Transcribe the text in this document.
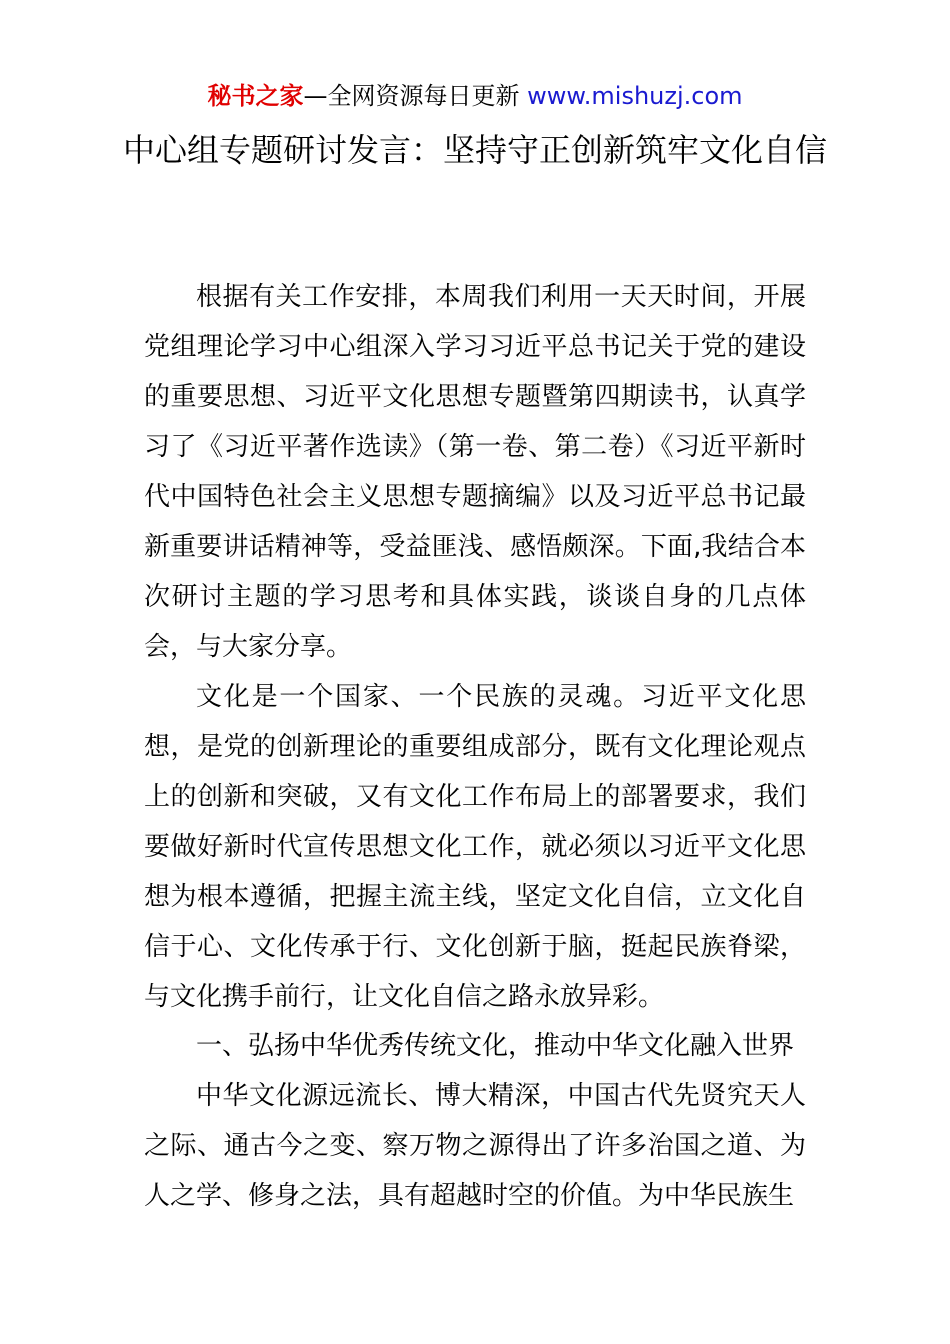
秘书之家—全网资源每日更新 www.mishuzj.com
中心组专题研讨发言：坚持守正创新筑牢文化自信

根据有关工作安排，本周我们利用一天天时间，开展党组理论学习中心组深入学习习近平总书记关于党的建设的重要思想、习近平文化思想专题暨第四期读书，认真学习了《习近平著作选读》（第一卷、第二卷）《习近平新时代中国特色社会主义思想专题摘编》以及习近平总书记最新重要讲话精神等，受益匪浅、感悟颇深。下面,我结合本次研讨主题的学习思考和具体实践，谈谈自身的几点体会，与大家分享。

文化是一个国家、一个民族的灵魂。习近平文化思想，是党的创新理论的重要组成部分，既有文化理论观点上的创新和突破，又有文化工作布局上的部署要求，我们要做好新时代宣传思想文化工作，就必须以习近平文化思想为根本遵循，把握主流主线，坚定文化自信，立文化自信于心、文化传承于行、文化创新于脑，挺起民族脊梁，与文化携手前行，让文化自信之路永放异彩。

一、弘扬中华优秀传统文化，推动中华文化融入世界

中华文化源远流长、博大精深，中国古代先贤究天人之际、通古今之变、察万物之源得出了许多治国之道、为人之学、修身之法，具有超越时空的价值。为中华民族生
